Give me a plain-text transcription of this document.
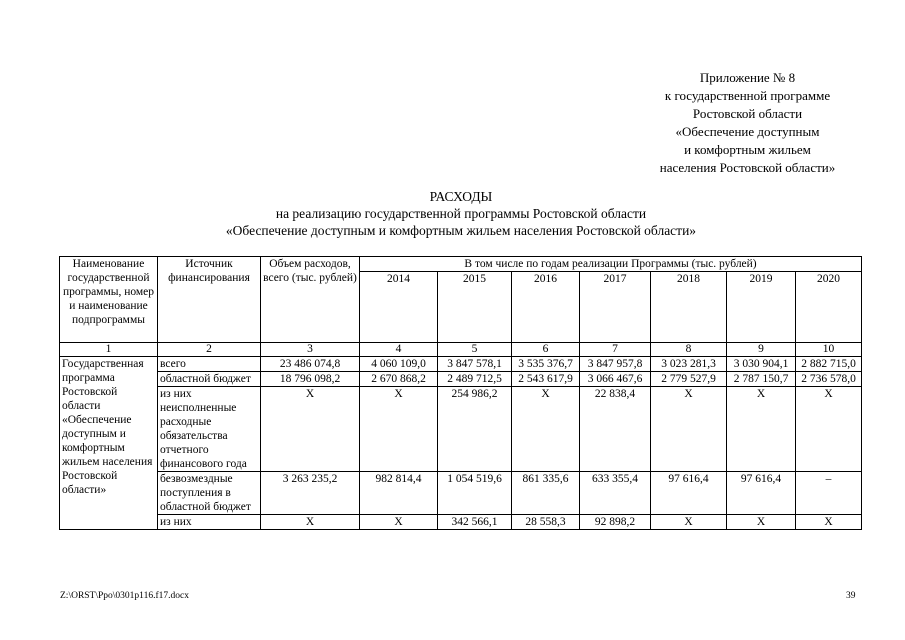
Приложение № 8
к государственной программе
Ростовской области
«Обеспечение доступным
и комфортным жильем
населения Ростовской области»
РАСХОДЫ
на реализацию государственной программы Ростовской области
«Обеспечение доступным и комфортным жильем населения Ростовской области»
Наименование государственной программы, номер и наименование подпрограммы	Источник финансирования	Объем расходов, всего (тыс. рублей)	В том числе по годам реализации Программы (тыс. рублей)						
			2014	2015	2016	2017	2018	2019	2020
1	2	3	4	5	6	7	8	9	10
Государственная программа Ростовской области «Обеспечение доступным и комфортным жильем населения Ростовской области»	всего	23 486 074,8	4 060 109,0	3 847 578,1	3 535 376,7	3 847 957,8	3 023 281,3	3 030 904,1	2 882 715,0
	областной бюджет	18 796 098,2	2 670 868,2	2 489 712,5	2 543 617,9	3 066 467,6	2 779 527,9	2 787 150,7	2 736 578,0
	из них неисполненные расходные обязательства отчетного финансового года	X	X	254 986,2	X	22 838,4	X	X	X
	безвозмездные поступления в областной бюджет	3 263 235,2	982 814,4	1 054 519,6	861 335,6	633 355,4	97 616,4	97 616,4	–
	из них	X	X	342 566,1	28 558,3	92 898,2	X	X	X
Z:\ORST\Ppo\0301p116.f17.docx	39
